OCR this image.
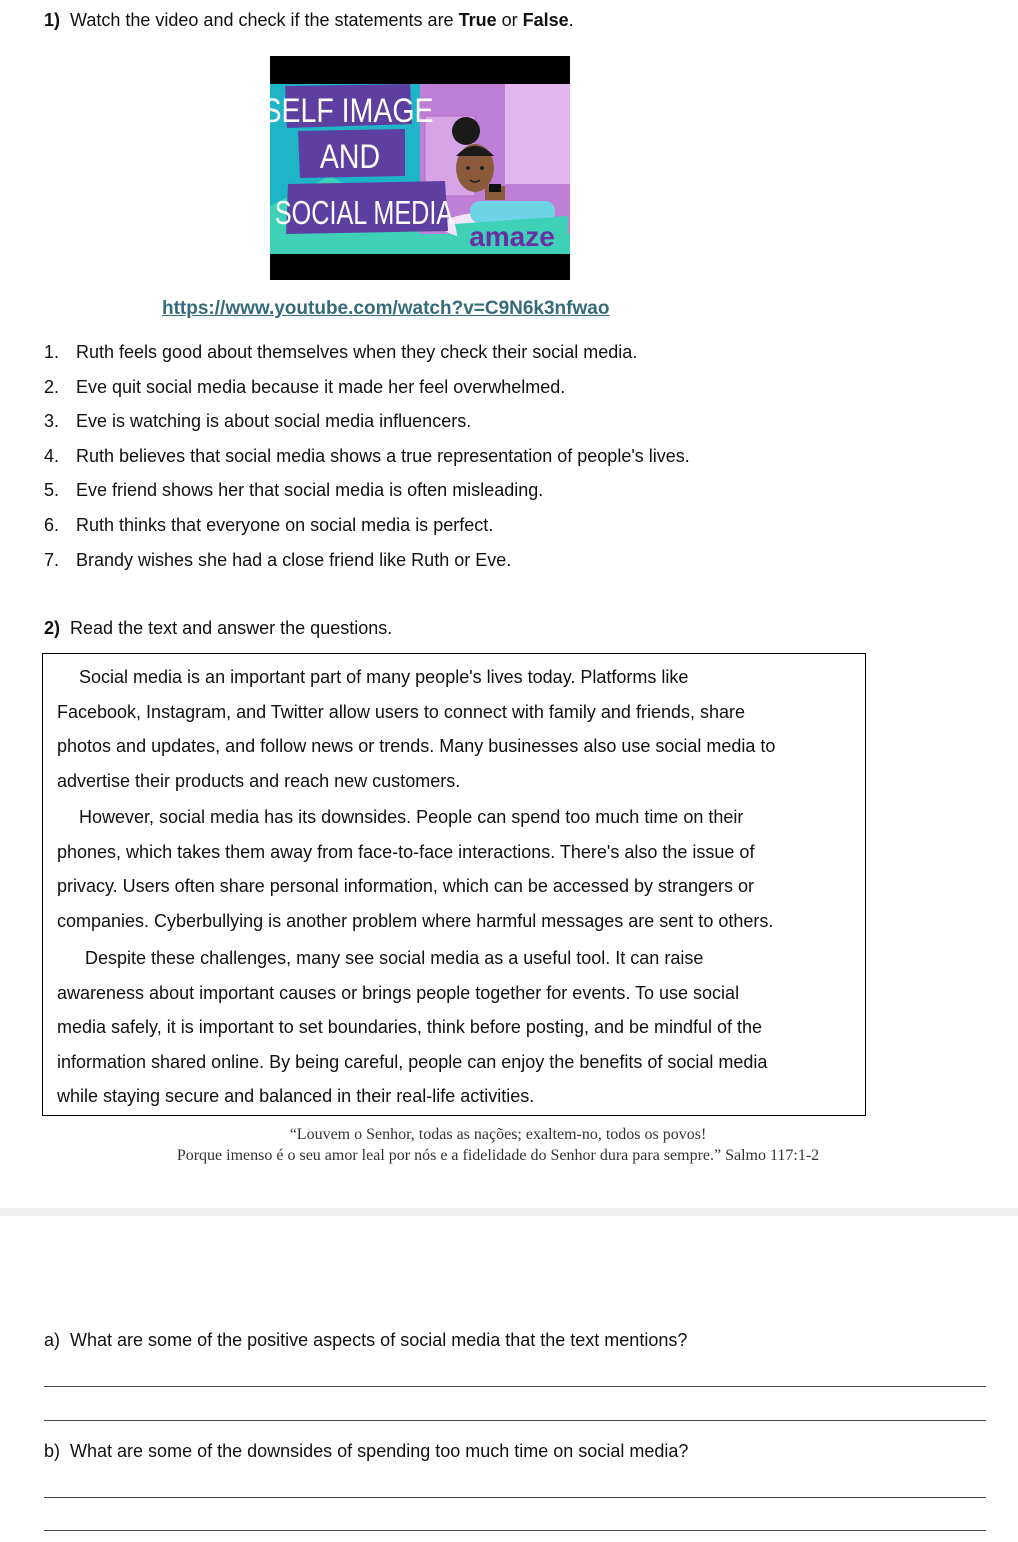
1) Watch the video and check if the statements are True or False.
SELF IMAGE
AND
SOCIAL MEDIA
amaze
https://www.youtube.com/watch?v=C9N6k3nfwao
1. Ruth feels good about themselves when they check their social media.
2. Eve quit social media because it made her feel overwhelmed.
3. Eve is watching is about social media influencers.
4. Ruth believes that social media shows a true representation of people's lives.
5. Eve friend shows her that social media is often misleading.
6. Ruth thinks that everyone on social media is perfect.
7. Brandy wishes she had a close friend like Ruth or Eve.
2) Read the text and answer the questions.
Social media is an important part of many people's lives today. Platforms like
Facebook, Instagram, and Twitter allow users to connect with family and friends, share
photos and updates, and follow news or trends. Many businesses also use social media to
advertise their products and reach new customers.
However, social media has its downsides. People can spend too much time on their
phones, which takes them away from face-to-face interactions. There's also the issue of
privacy. Users often share personal information, which can be accessed by strangers or
companies. Cyberbullying is another problem where harmful messages are sent to others.
Despite these challenges, many see social media as a useful tool. It can raise
awareness about important causes or brings people together for events. To use social
media safely, it is important to set boundaries, think before posting, and be mindful of the
information shared online. By being careful, people can enjoy the benefits of social media
while staying secure and balanced in their real-life activities.
“Louvem o Senhor, todas as nações; exaltem-no, todos os povos!
Porque imenso é o seu amor leal por nós e a fidelidade do Senhor dura para sempre.” Salmo 117:1-2
a) What are some of the positive aspects of social media that the text mentions?
b) What are some of the downsides of spending too much time on social media?
